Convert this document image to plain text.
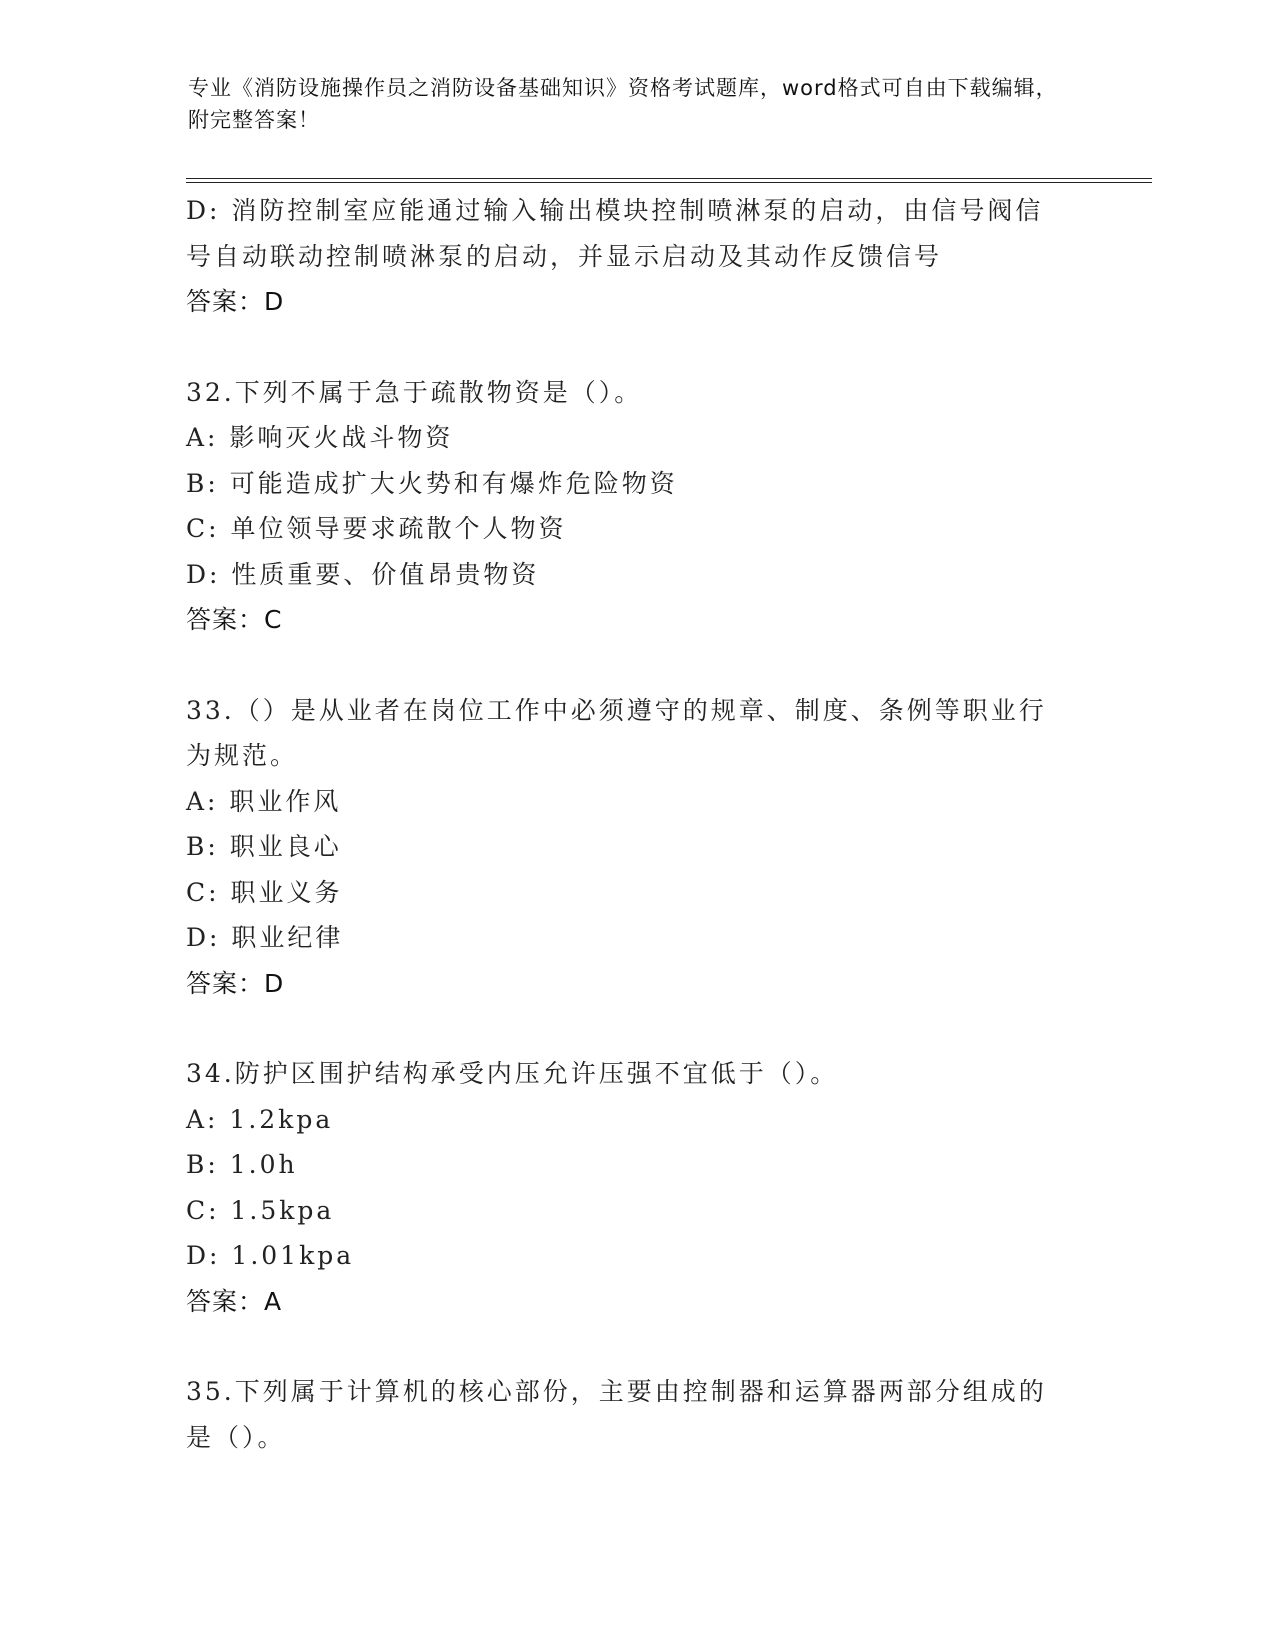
专业《消防设施操作员之消防设备基础知识》资格考试题库，word格式可自由下载编辑，附完整答案！
D: 消防控制室应能通过输入输出模块控制喷淋泵的启动，由信号阀信
号自动联动控制喷淋泵的启动，并显示启动及其动作反馈信号
答案：D
32.下列不属于急于疏散物资是（）。
A: 影响灭火战斗物资
B: 可能造成扩大火势和有爆炸危险物资
C: 单位领导要求疏散个人物资
D: 性质重要、价值昂贵物资
答案：C
33.（）是从业者在岗位工作中必须遵守的规章、制度、条例等职业行
为规范。
A: 职业作风
B: 职业良心
C: 职业义务
D: 职业纪律
答案：D
34.防护区围护结构承受内压允许压强不宜低于（）。
A: 1.2kpa
B: 1.0h
C: 1.5kpa
D: 1.01kpa
答案：A
35.下列属于计算机的核心部份，主要由控制器和运算器两部分组成的
是（）。
